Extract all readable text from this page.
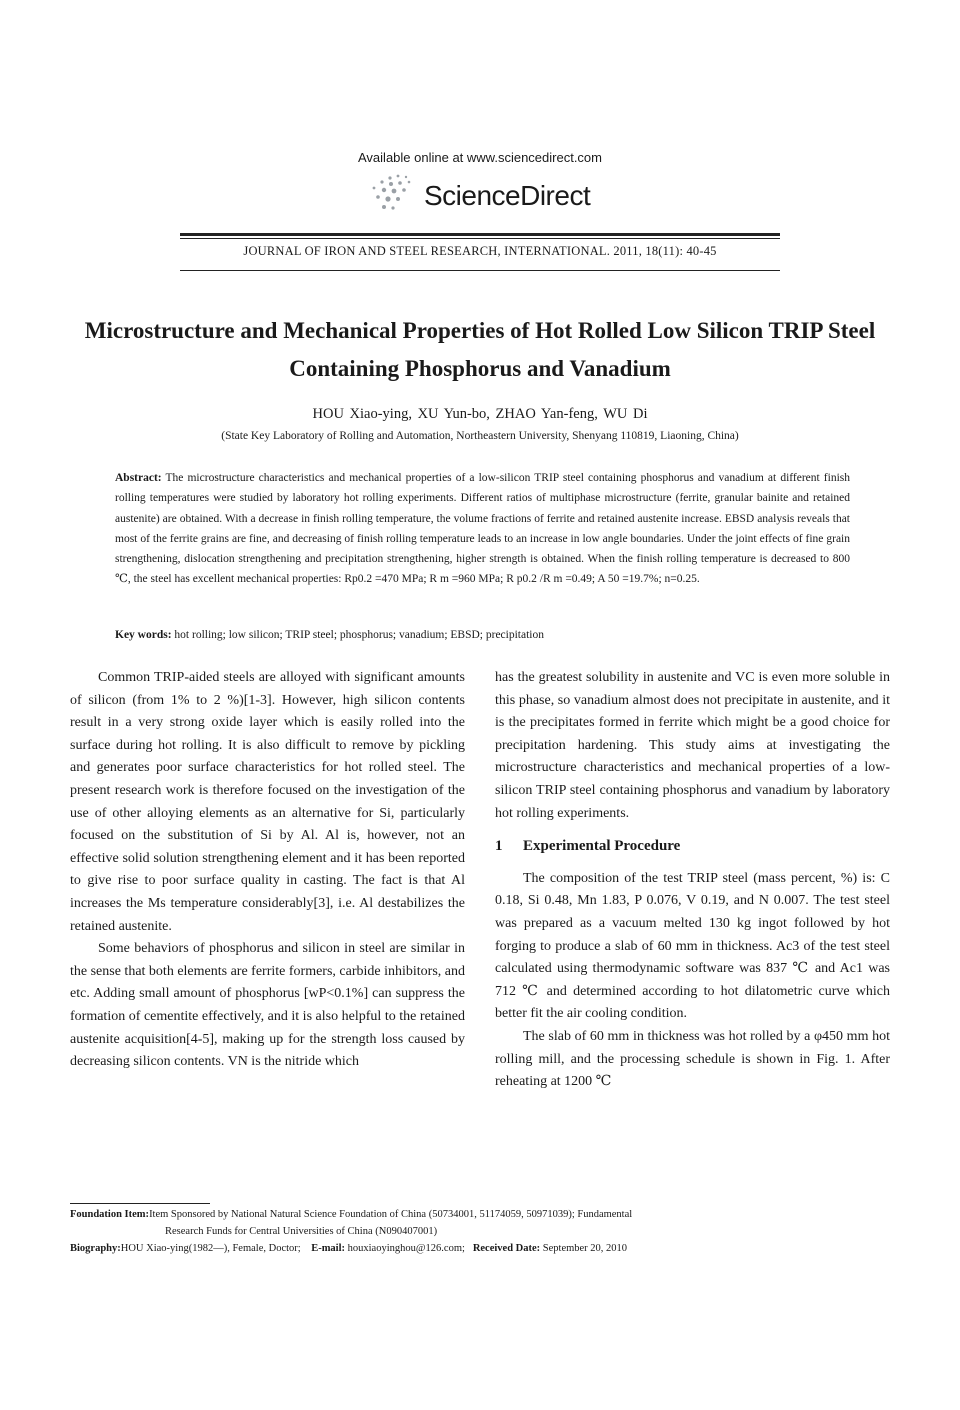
Available online at www.sciencedirect.com
ScienceDirect
JOURNAL OF IRON AND STEEL RESEARCH, INTERNATIONAL. 2011, 18(11): 40-45
Microstructure and Mechanical Properties of Hot Rolled Low Silicon TRIP Steel Containing Phosphorus and Vanadium
HOU Xiao-ying, XU Yun-bo, ZHAO Yan-feng, WU Di
(State Key Laboratory of Rolling and Automation, Northeastern University, Shenyang 110819, Liaoning, China)
Abstract: The microstructure characteristics and mechanical properties of a low-silicon TRIP steel containing phosphorus and vanadium at different finish rolling temperatures were studied by laboratory hot rolling experiments. Different ratios of multiphase microstructure (ferrite, granular bainite and retained austenite) are obtained. With a decrease in finish rolling temperature, the volume fractions of ferrite and retained austenite increase. EBSD analysis reveals that most of the ferrite grains are fine, and decreasing of finish rolling temperature leads to an increase in low angle boundaries. Under the joint effects of fine grain strengthening, dislocation strengthening and precipitation strengthening, higher strength is obtained. When the finish rolling temperature is decreased to 800 ℃, the steel has excellent mechanical properties: Rp0.2 =470 MPa; R m =960 MPa; R p0.2 /R m =0.49; A 50 =19.7%; n=0.25.
Key words: hot rolling; low silicon; TRIP steel; phosphorus; vanadium; EBSD; precipitation

Common TRIP-aided steels are alloyed with significant amounts of silicon (from 1% to 2 %)[1-3]. However, high silicon contents result in a very strong oxide layer which is easily rolled into the surface during hot rolling. It is also difficult to remove by pickling and generates poor surface characteristics for hot rolled steel. The present research work is therefore focused on the investigation of the use of other alloying elements as an alternative for Si, particularly focused on the substitution of Si by Al. Al is, however, not an effective solid solution strengthening element and it has been reported to give rise to poor surface quality in casting. The fact is that Al increases the Ms temperature considerably[3], i.e. Al destabilizes the retained austenite.

Some behaviors of phosphorus and silicon in steel are similar in the sense that both elements are ferrite formers, carbide inhibitors, and etc. Adding small amount of phosphorus [wP<0.1%] can suppress the formation of cementite effectively, and it is also helpful to the retained austenite acquisition[4-5], making up for the strength loss caused by decreasing silicon contents. VN is the nitride which

has the greatest solubility in austenite and VC is even more soluble in this phase, so vanadium almost does not precipitate in austenite, and it is the precipitates formed in ferrite which might be a good choice for precipitation hardening. This study aims at investigating the microstructure characteristics and mechanical properties of a low-silicon TRIP steel containing phosphorus and vanadium by laboratory hot rolling experiments.

1 Experimental Procedure

The composition of the test TRIP steel (mass percent, %) is: C 0.18, Si 0.48, Mn 1.83, P 0.076, V 0.19, and N 0.007. The test steel was prepared as a vacuum melted 130 kg ingot followed by hot forging to produce a slab of 60 mm in thickness. Ac3 of the test steel calculated using thermodynamic software was 837 ℃ and Ac1 was 712 ℃ and determined according to hot dilatometric curve which better fit the air cooling condition.

The slab of 60 mm in thickness was hot rolled by a φ450 mm hot rolling mill, and the processing schedule is shown in Fig. 1. After reheating at 1200 ℃

Foundation Item:Item Sponsored by National Natural Science Foundation of China (50734001, 51174059, 50971039); Fundamental
Research Funds for Central Universities of China (N090407001)
Biography:HOU Xiao-ying(1982—), Female, Doctor; E-mail: houxiaoyinghou@126.com; Received Date: September 20, 2010
